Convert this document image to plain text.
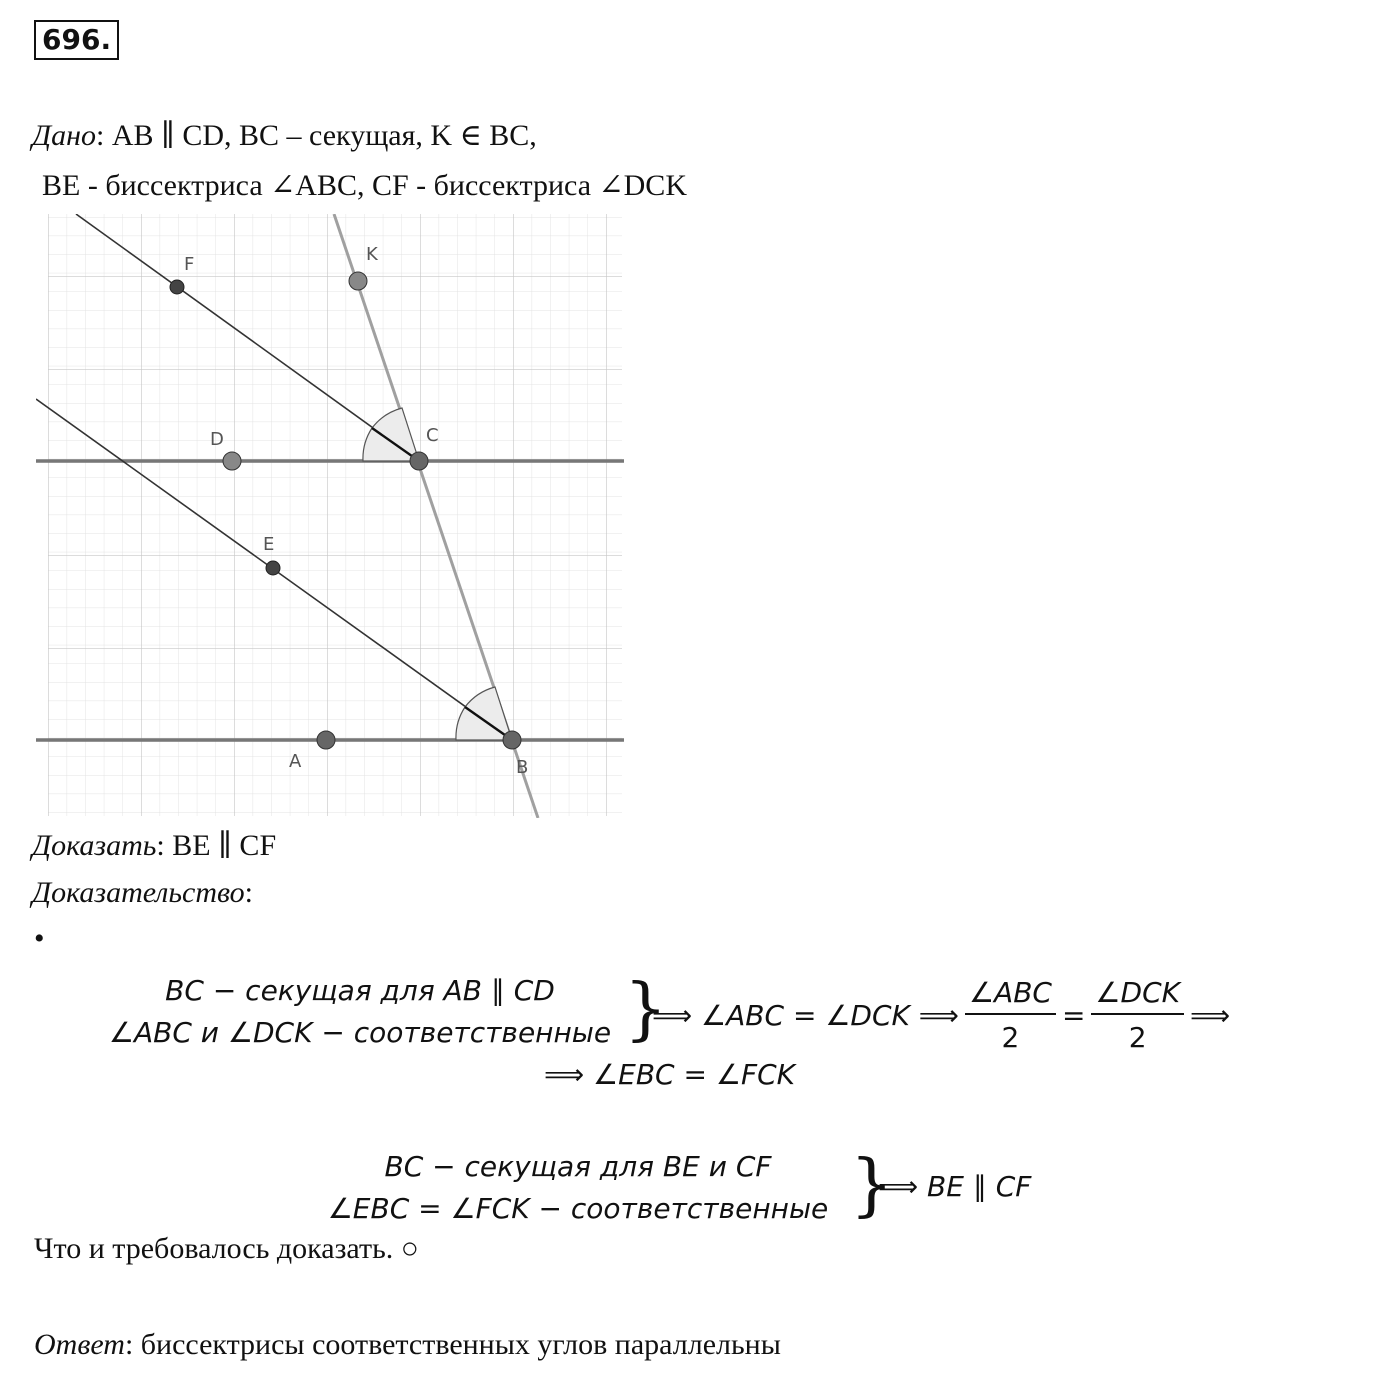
696.
Дано: AB ∥ CD, BC – секущая, K ∈ BC,
BE - биссектриса ∠ABC, CF - биссектриса ∠DCK
F	K
D	C
E
A	B
Доказать: BE ∥ CF
Доказательство:
•
BC − секущая для AB ∥ CD
∠ABC и ∠DCK − соответственные }
⟹ ∠ABC = ∠DCK ⟹ $\frac{\text{∠ABC}}{2} = \frac{\text{∠DCK}}{2}$ ⟹
⟹ ∠EBC = ∠FCK
BC − секущая для BE и CF
∠EBC = ∠FCK − соответственные }
⟹ BE ∥ CF
Что и требовалось доказать. ○
Ответ: биссектрисы соответственных углов параллельны
